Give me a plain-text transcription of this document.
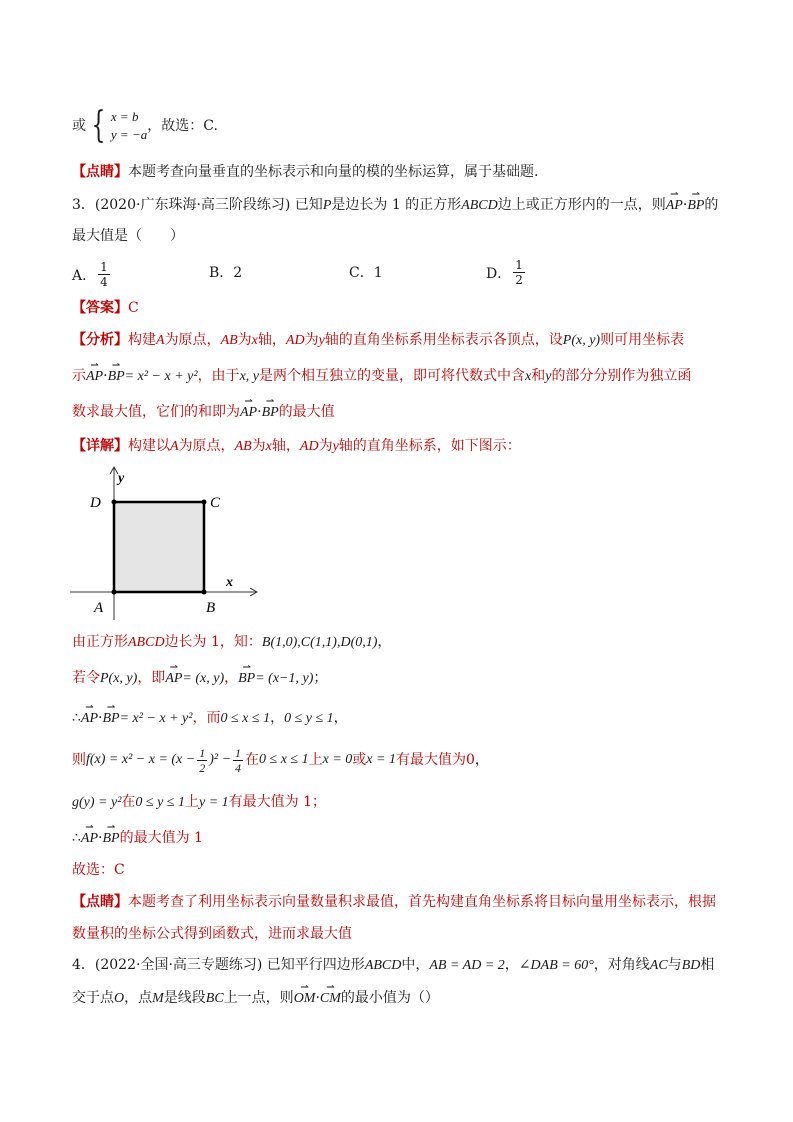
或 { x = b
y = −a
，故选：C.
【点睛】本题考查向量垂直的坐标表示和向量的模的坐标运算，属于基础题.
3．(2020·广东珠海·高三阶段练习) 已知P是边长为 1 的正方形ABCD边上或正方形内的一点，则⇀ AP·⇀ BP的
最大值是（　　）
A． $\frac{1}{4}$	B．2	C．1	D． $\frac{1}{2}$
【答案】C
【分析】构建A为原点，AB为x轴，AD为y轴的直角坐标系用坐标表示各顶点，设P(x, y)则可用坐标表
示⇀ AP·⇀ BP= x² − x + y²，由于x, y是两个相互独立的变量，即可将代数式中含x和y的部分分别作为独立函
数求最大值，它们的和即为⇀ AP·⇀ BP的最大值
【详解】构建以A为原点，AB为x轴，AD为y轴的直角坐标系，如下图示：
y
x
A	B
C
D
由正方形ABCD边长为 1，知：B(1,0),C(1,1),D(0,1)，
若令P(x, y)，即⇀ AP= (x, y)，⇀ BP= (x−1, y)；
∴⇀ AP·⇀ BP= x² − x + y²，而0 ≤ x ≤ 1，0 ≤ y ≤ 1，
则 $f(x) = x^2 - x = (x - \frac{1}{2} )^2 - \frac{1}{4}$ 在 0 ≤ x ≤ 1 上 x = 0 或 x = 1 有最大值为 0 ，
g(y) = y²在0 ≤ y ≤ 1上y = 1有最大值为 1；
∴⇀ AP·⇀ BP的最大值为 1
故选：C
【点睛】本题考查了利用坐标表示向量数量积求最值，首先构建直角坐标系将目标向量用坐标表示，根据
数量积的坐标公式得到函数式，进而求最大值
4．(2022·全国·高三专题练习) 已知平行四边形ABCD中，AB = AD = 2，∠DAB = 60°，对角线AC与BD相
交于点O，点M是线段BC上一点，则⇀ OM·⇀ CM的最小值为（）
